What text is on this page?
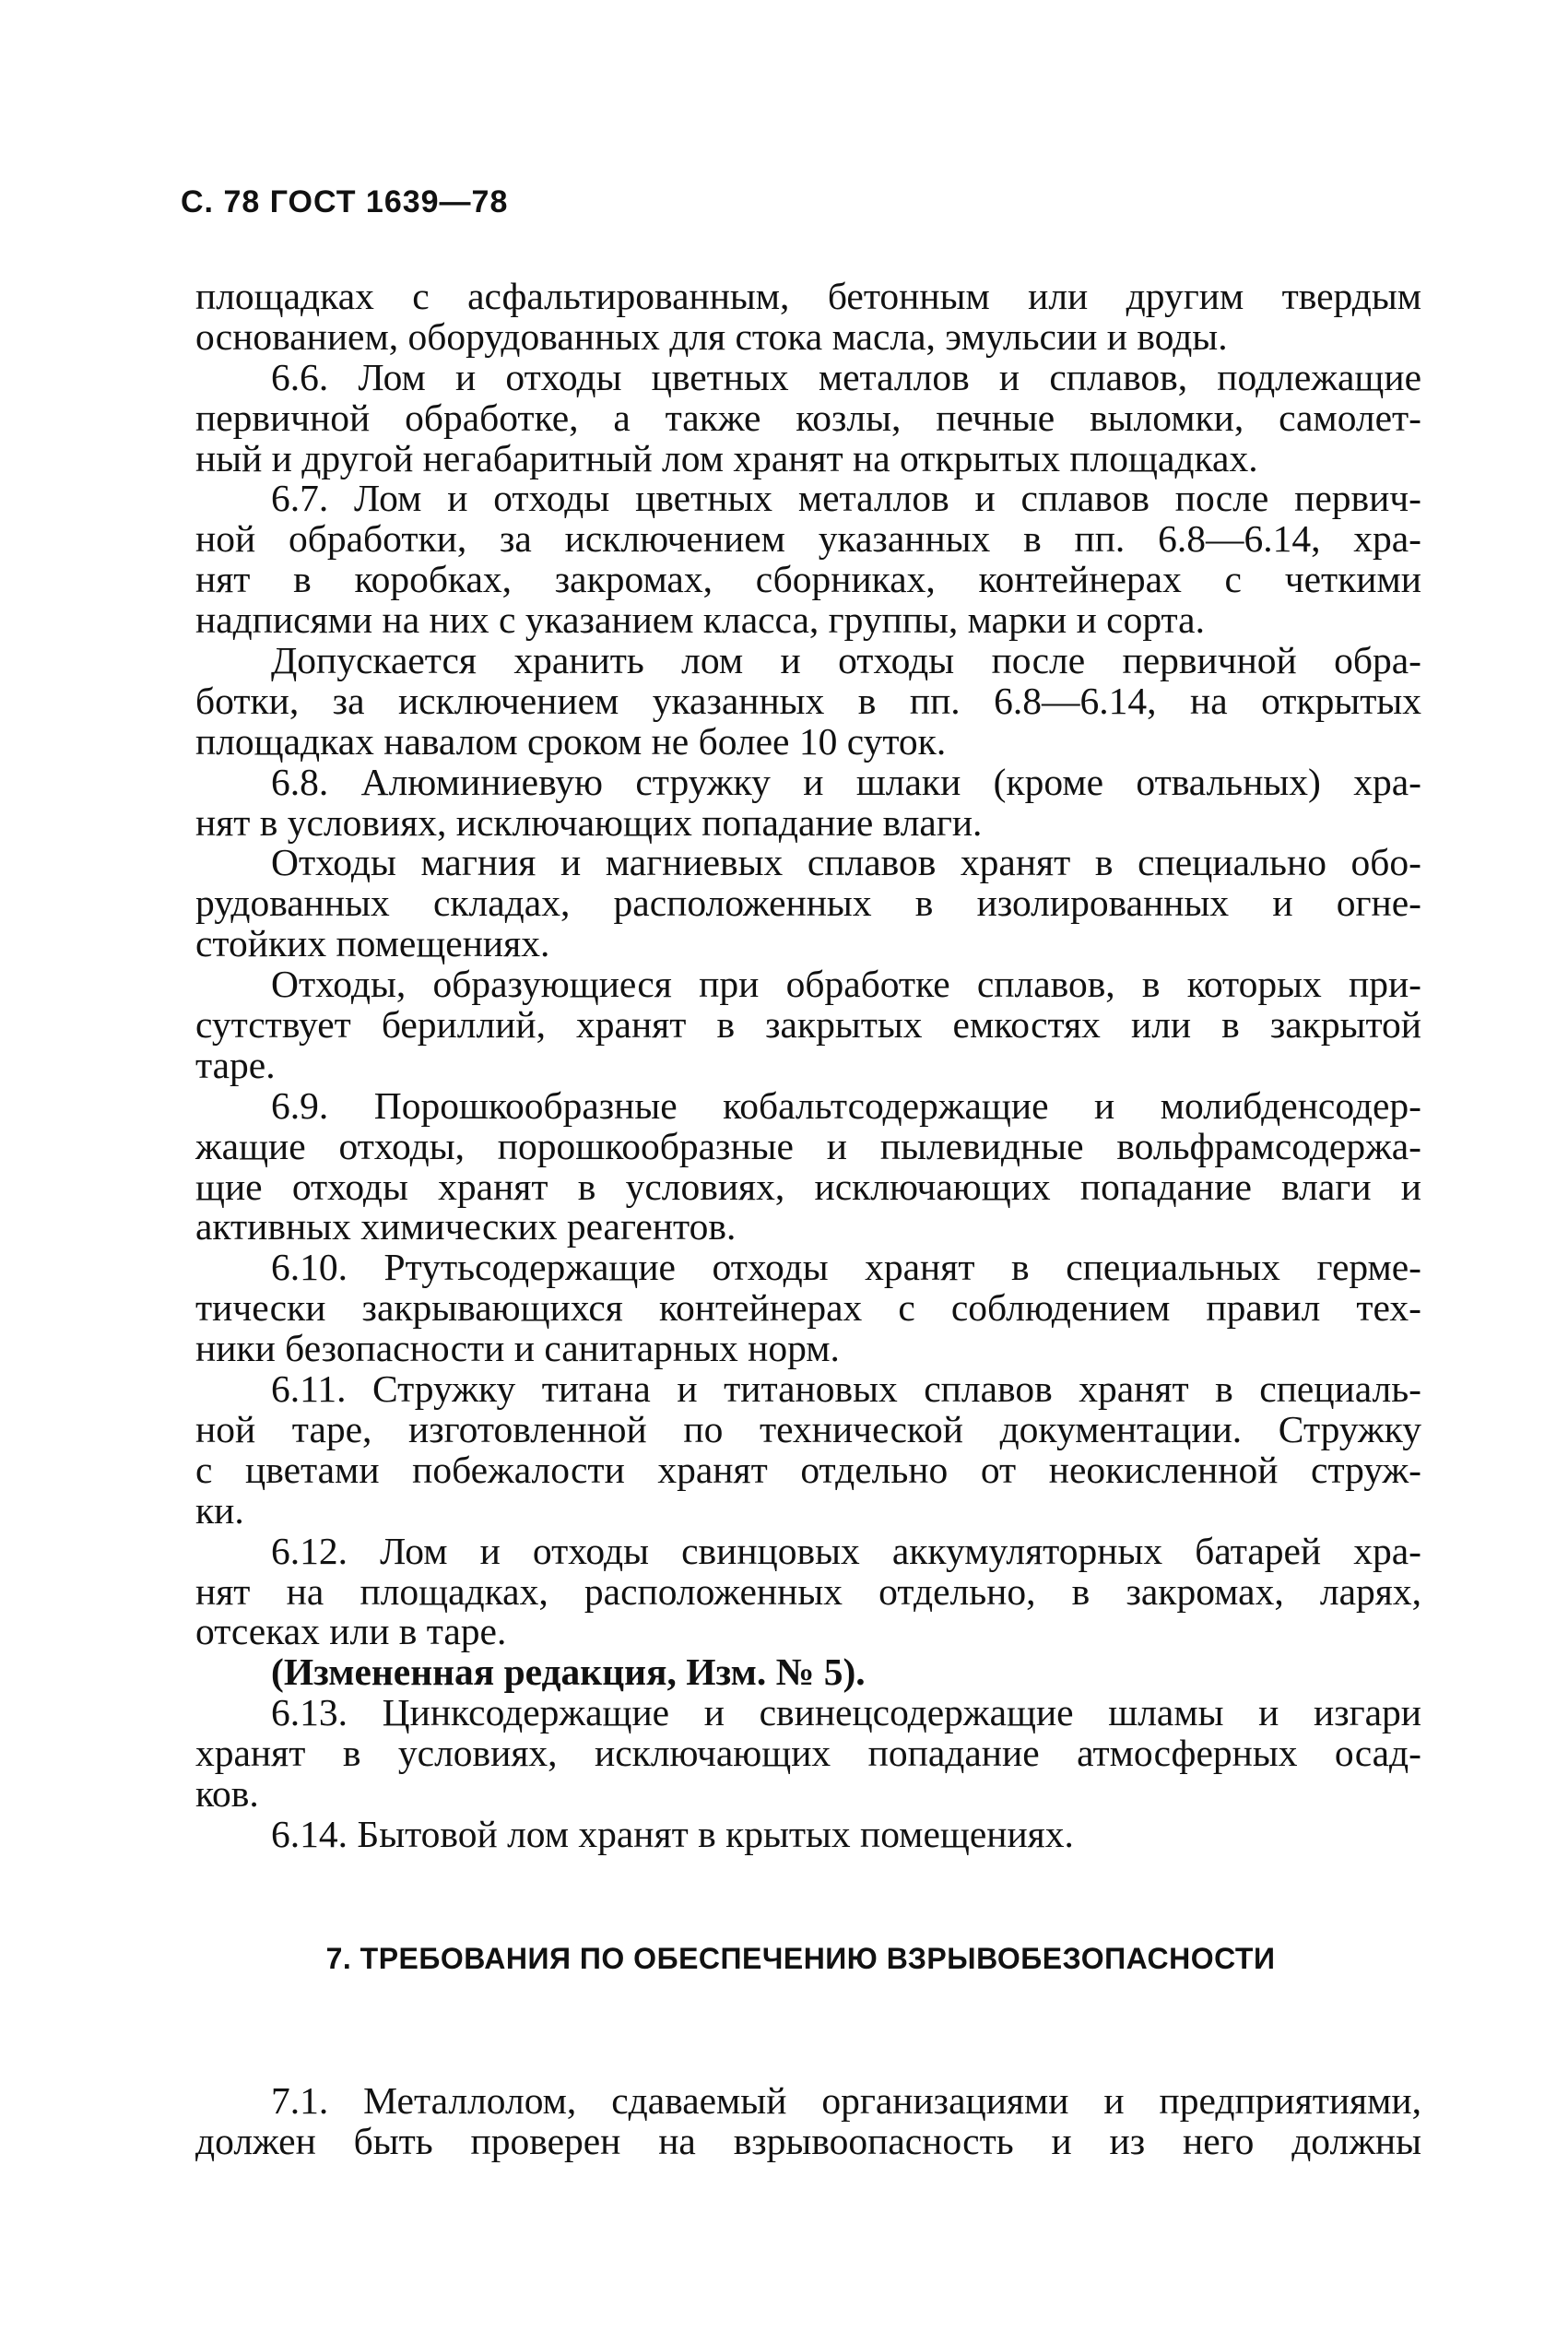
С. 78 ГОСТ 1639—78
площадках с асфальтированным, бетонным или другим твердым
основанием, оборудованных для стока масла, эмульсии и воды.
6.6. Лом и отходы цветных металлов и сплавов, подлежащие
первичной обработке, а также козлы, печные выломки, самолет-
ный и другой негабаритный лом хранят на открытых площадках.
6.7. Лом и отходы цветных металлов и сплавов после первич-
ной обработки, за исключением указанных в пп. 6.8—6.14, хра-
нят в коробках, закромах, сборниках, контейнерах с четкими
надписями на них с указанием класса, группы, марки и сорта.
Допускается хранить лом и отходы после первичной обра-
ботки, за исключением указанных в пп. 6.8—6.14, на открытых
площадках навалом сроком не более 10 суток.
6.8. Алюминиевую стружку и шлаки (кроме отвальных) хра-
нят в условиях, исключающих попадание влаги.
Отходы магния и магниевых сплавов хранят в специально обо-
рудованных складах, расположенных в изолированных и огне-
стойких помещениях.
Отходы, образующиеся при обработке сплавов, в которых при-
сутствует бериллий, хранят в закрытых емкостях или в закрытой
таре.
6.9. Порошкообразные кобальтсодержащие и молибденсодер-
жащие отходы, порошкообразные и пылевидные вольфрамсодержа-
щие отходы хранят в условиях, исключающих попадание влаги и
активных химических реагентов.
6.10. Ртутьсодержащие отходы хранят в специальных герме-
тически закрывающихся контейнерах с соблюдением правил тех-
ники безопасности и санитарных норм.
6.11. Стружку титана и титановых сплавов хранят в специаль-
ной таре, изготовленной по технической документации. Стружку
с цветами побежалости хранят отдельно от неокисленной струж-
ки.
6.12. Лом и отходы свинцовых аккумуляторных батарей хра-
нят на площадках, расположенных отдельно, в закромах, ларях,
отсеках или в таре.
(Измененная редакция, Изм. № 5).
6.13. Цинксодержащие и свинецсодержащие шламы и изгари
хранят в условиях, исключающих попадание атмосферных осад-
ков.
6.14. Бытовой лом хранят в крытых помещениях.
7. ТРЕБОВАНИЯ ПО ОБЕСПЕЧЕНИЮ ВЗРЫВОБЕЗОПАСНОСТИ
7.1. Металлолом, сдаваемый организациями и предприятиями,
должен быть проверен на взрывоопасность и из него должны
